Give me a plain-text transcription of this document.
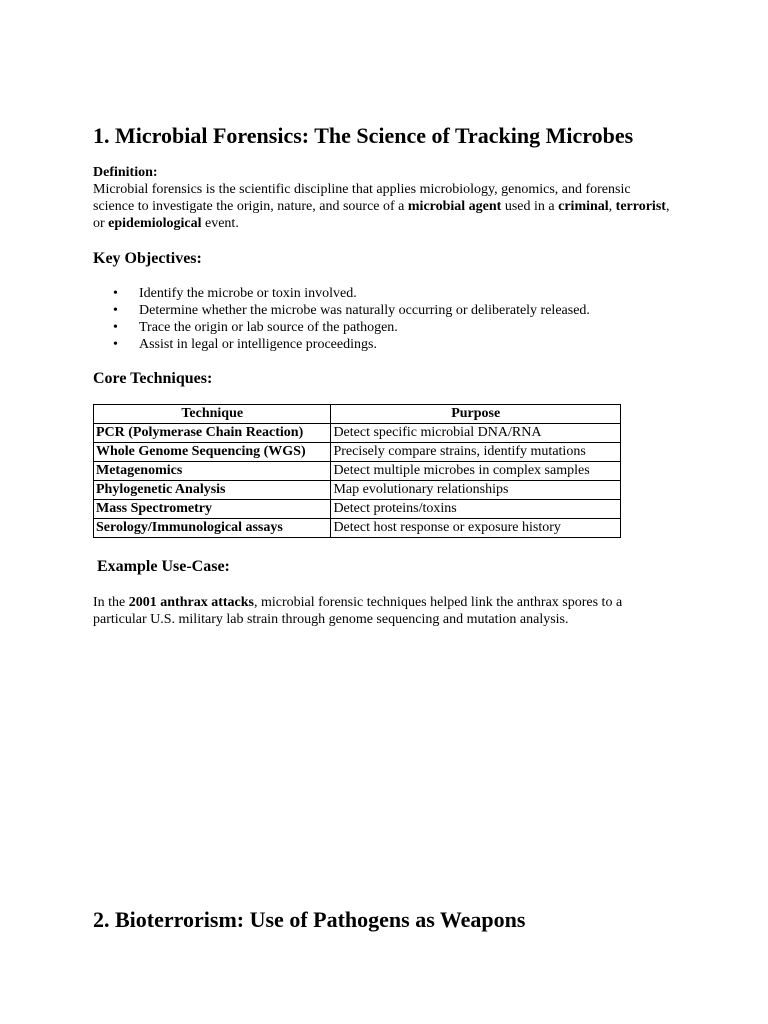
1. Microbial Forensics: The Science of Tracking Microbes
Definition:

Microbial forensics is the scientific discipline that applies microbiology, genomics, and forensic science to investigate the origin, nature, and source of a microbial agent used in a criminal, terrorist, or epidemiological event.

Key Objectives:
• Identify the microbe or toxin involved.
• Determine whether the microbe was naturally occurring or deliberately released.
• Trace the origin or lab source of the pathogen.
• Assist in legal or intelligence proceedings.
Core Techniques:
Technique	Purpose
PCR (Polymerase Chain Reaction)	Detect specific microbial DNA/RNA
Whole Genome Sequencing (WGS)	Precisely compare strains, identify mutations
Metagenomics	Detect multiple microbes in complex samples
Phylogenetic Analysis	Map evolutionary relationships
Mass Spectrometry	Detect proteins/toxins
Serology/Immunological assays	Detect host response or exposure history
Example Use-Case:

In the 2001 anthrax attacks, microbial forensic techniques helped link the anthrax spores to a particular U.S. military lab strain through genome sequencing and mutation analysis.

2. Bioterrorism: Use of Pathogens as Weapons
